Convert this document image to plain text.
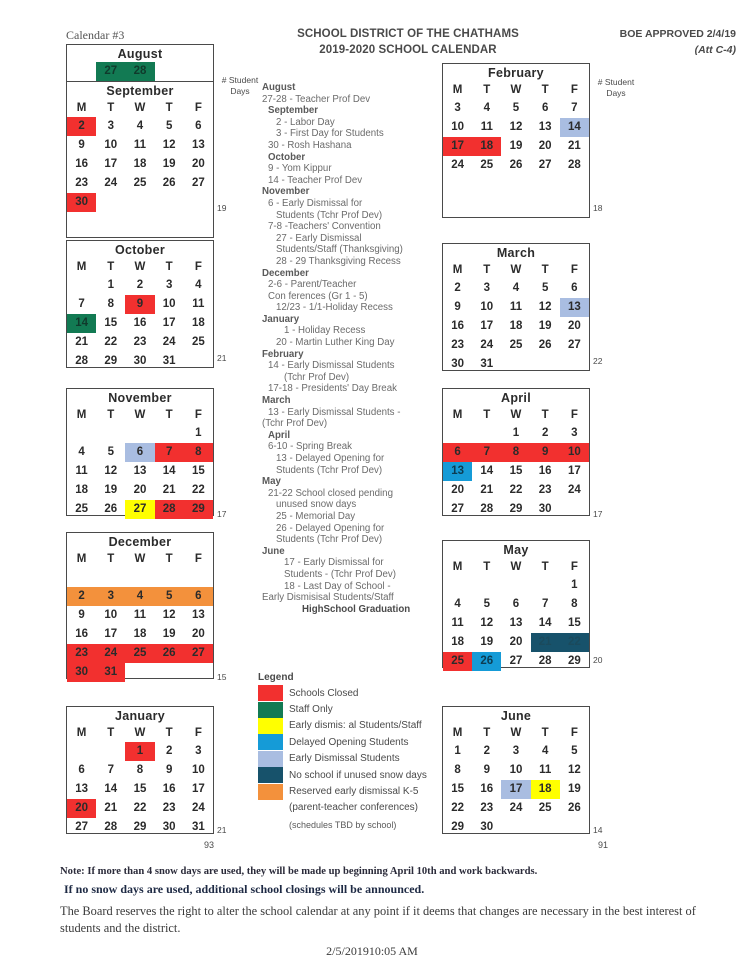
Calendar #3	SCHOOL DISTRICT OF THE CHATHAMS
2019-2020 SCHOOL CALENDAR
BOE APPROVED 2/4/19
(Att C-4)
# Student
Days
# Student
Days
August

27	28

September
M	T	W	T	F

2	3	4	5	6

9	10	11	12	13

16	17	18	19	20

23	24	25	26	27

30				

		19
October
M	T	W	T	F

	1	2	3	4

7	8	9	10	11

14	15	16	17	18

21	22	23	24	25

28	29	30	31	
		21
November
M	T	W	T	F

				1

4	5	6	7	8

11	12	13	14	15

18	19	20	21	22

25	26	27	28	29	17
December
M	T	W	T	F

2	3	4	5	6

9	10	11	12	13

16	17	18	19	20

23	24	25	26	27

30	31			

		15
January
M	T	W	T	F

		1	2	3

6	7	8	9	10

13	14	15	16	17

20	21	22	23	24

27	28	29	30	31	21
93
August
27-28 - Teacher Prof Dev
September
2 - Labor Day
3 - First Day for Students
30 - Rosh Hashana
October
9 - Yom Kippur
14 - Teacher Prof Dev
November
6 - Early Dismissal for
Students (Tchr Prof Dev)
7-8 -Teachers' Convention
27 - Early Dismissal
Students/Staff (Thanksgiving)
28 - 29 Thanksgiving Recess
December
2-6 - Parent/Teacher
Con ferences (Gr 1 - 5)
12/23 - 1/1-Holiday Recess
January
1 - Holiday Recess
20 - Martin Luther King Day
February
14 - Early Dismissal Students
(Tchr Prof Dev)
17-18 - Presidents' Day Break
March
13 - Early Dismissal Students -
(Tchr Prof Dev)
April
6-10 - Spring Break
13 - Delayed Opening for
Students (Tchr Prof Dev)
May
21-22 School closed pending
unused snow days
25 - Memorial Day
26 - Delayed Opening for
Students (Tchr Prof Dev)
June
17 - Early Dismissal for
Students - (Tchr Prof Dev)
18 - Last Day of School -
Early Dismisisal Students/Staff
HighSchool Graduation
Legend
Schools Closed
Staff Only
Early dismis: al Students/Staff
Delayed Opening Students
Early Dismissal Students
No school if unused snow days
Reserved early dismissal K-5
(parent-teacher conferences)
(schedules TBD by school)
February
M	T	W	T	F

3	4	5	6	7

10	11	12	13	14

17	18	19	20	21

24	25	26	27	28
18
March
M	T	W	T	F

2	3	4	5	6

9	10	11	12	13

16	17	18	19	20

23	24	25	26	27

30	31			

		22
April
M	T	W	T	F

		1	2	3

6	7	8	9	10

13	14	15	16	17

20	21	22	23	24

27	28	29	30	
		17
May
M	T	W	T	F

				1

4	5	6	7	8

11	12	13	14	15

18	19	20	21	22

25	26	27	28	29	20
June
M	T	W	T	F

1	2	3	4	5

8	9	10	11	12

15	16	17	18	19

22	23	24	25	26

29	30			

		14
91
Note: If more than 4 snow days are used, they will be made up beginning April 10th and work backwards.
If no snow days are used, additional school closings will be announced.
The Board reserves the right to alter the school calendar at any point if it deems that changes are necessary in the best interest of students and the district.
2/5/201910:05 AM
